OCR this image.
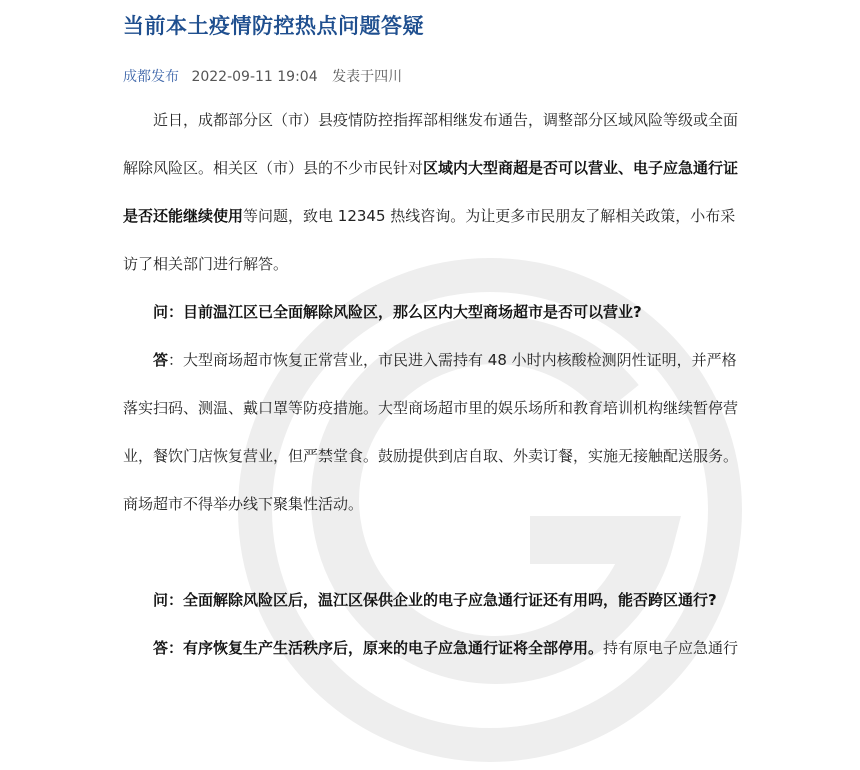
当前本土疫情防控热点问题答疑
成都发布 2022-09-11 19:04 发表于四川

近日，成都部分区（市）县疫情防控指挥部相继发布通告，调整部分区域风险等级或全面解除风险区。相关区（市）县的不少市民针对区域内大型商超是否可以营业、电子应急通行证是否还能继续使用等问题，致电 12345 热线咨询。为让更多市民朋友了解相关政策，小布采访了相关部门进行解答。

问：目前温江区已全面解除风险区，那么区内大型商场超市是否可以营业?

答：大型商场超市恢复正常营业，市民进入需持有 48 小时内核酸检测阴性证明，并严格落实扫码、测温、戴口罩等防疫措施。大型商场超市里的娱乐场所和教育培训机构继续暂停营业，餐饮门店恢复营业，但严禁堂食。鼓励提供到店自取、外卖订餐，实施无接触配送服务。商场超市不得举办线下聚集性活动。

问：全面解除风险区后，温江区保供企业的电子应急通行证还有用吗，能否跨区通行?

答：有序恢复生产生活秩序后，原来的电子应急通行证将全部停用。持有原电子应急通行
